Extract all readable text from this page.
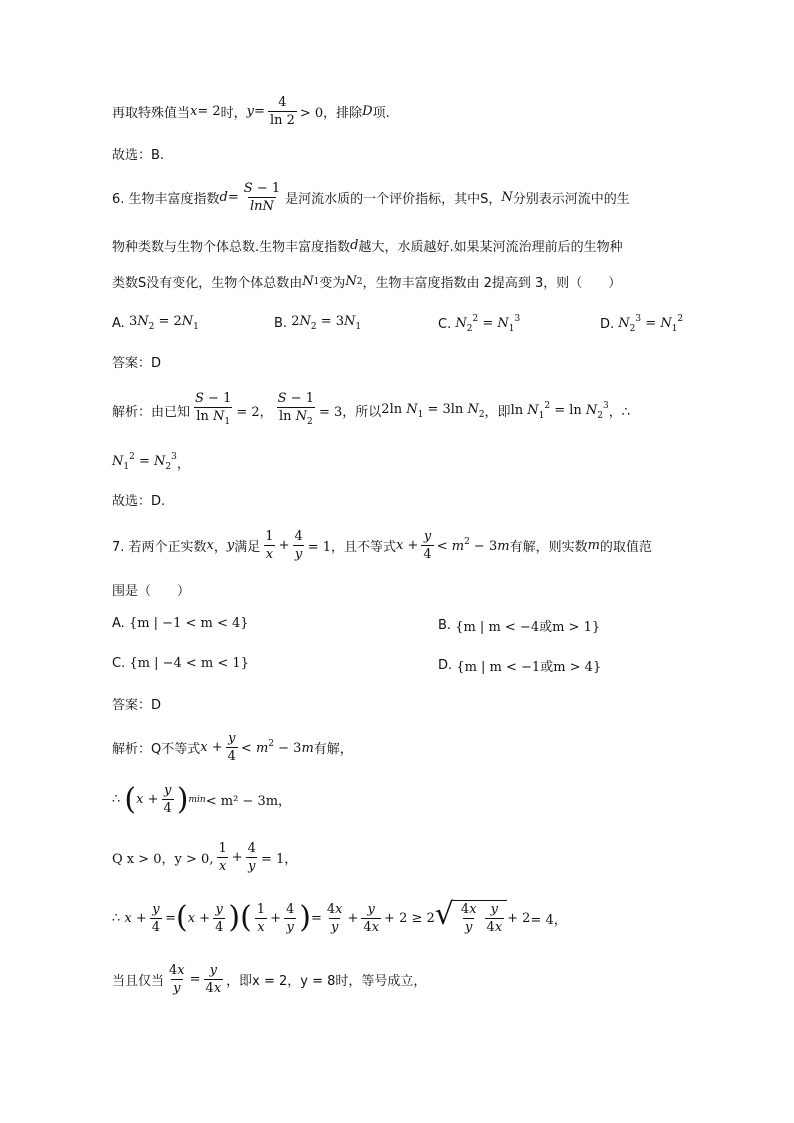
再取特殊值当 x = 2 时， $y = \frac{4}{\ln 2} > 0$，排除 D 项.
故选：B.
6. 生物丰富度指数 $d = \frac{S - 1}{\ln N}$ 是河流水质的一个评价指标，其中S， N 分别表示河流中的生
物种类数与生物个体总数.生物丰富度指数 d 越大，水质越好.如果某河流治理前后的生物种
类数S没有变化，生物个体总数由 N 1 变为 N 2 ，生物丰富度指数由 2提高到 3，则（　　）
A.
$3N_2 = 2N_1$	B.
$2N_2 = 3N_1$	C.
$N_2^2 = N_1^3$	D.
$N_2^3 = N_1^2$
答案：D
解析：由已知 $\frac{S - 1}{\ln N_1} = 2$， $\frac{S - 1}{\ln N_2} = 3$，所以 2ln $N_1 = 3\ln$ $N_2$ ，即 $\ln N_1^2 = \ln N_2^3$ ，∴
$N_1^2 = N_2^3$ ，
故选：D.
7. 若两个正实数 x ， y 满足 $\frac{1}{x} + \frac{4}{y} = 1$，且不等式 $x + \frac{y}{4} < m^2 - 3m$ 有解，则实数 m 的取值范
围是（　　）
A.
{m | −1 < m < 4}	B.
{m | m < −4或m > 1}
C.
{m | −4 < m < 1}	D.
{m | m < −1或m > 4}
答案：D
解析： Q不等式 $x + \frac{y}{4} < m^2 - 3m$ 有解，
∴
( $x + \frac{y}{4}$ ) min < m² − 3m，
Q x > 0，y > 0, $\frac{1}{x} + \frac{4}{y} = 1$，
∴
$x + \frac{y}{4}$ = ( $x + \frac{y}{4}$ ) ( $\frac{1}{x} + \frac{4}{y}$ ) = $\frac{4x}{y} + \frac{y}{4x} + 2 \ge 2$ √ $\frac{4x}{y} \frac{y}{4x} + 2 = 4$，
当且仅当 $\frac{4x}{y} = \frac{y}{4x}$ ，即x = 2，y = 8时，等号成立，
